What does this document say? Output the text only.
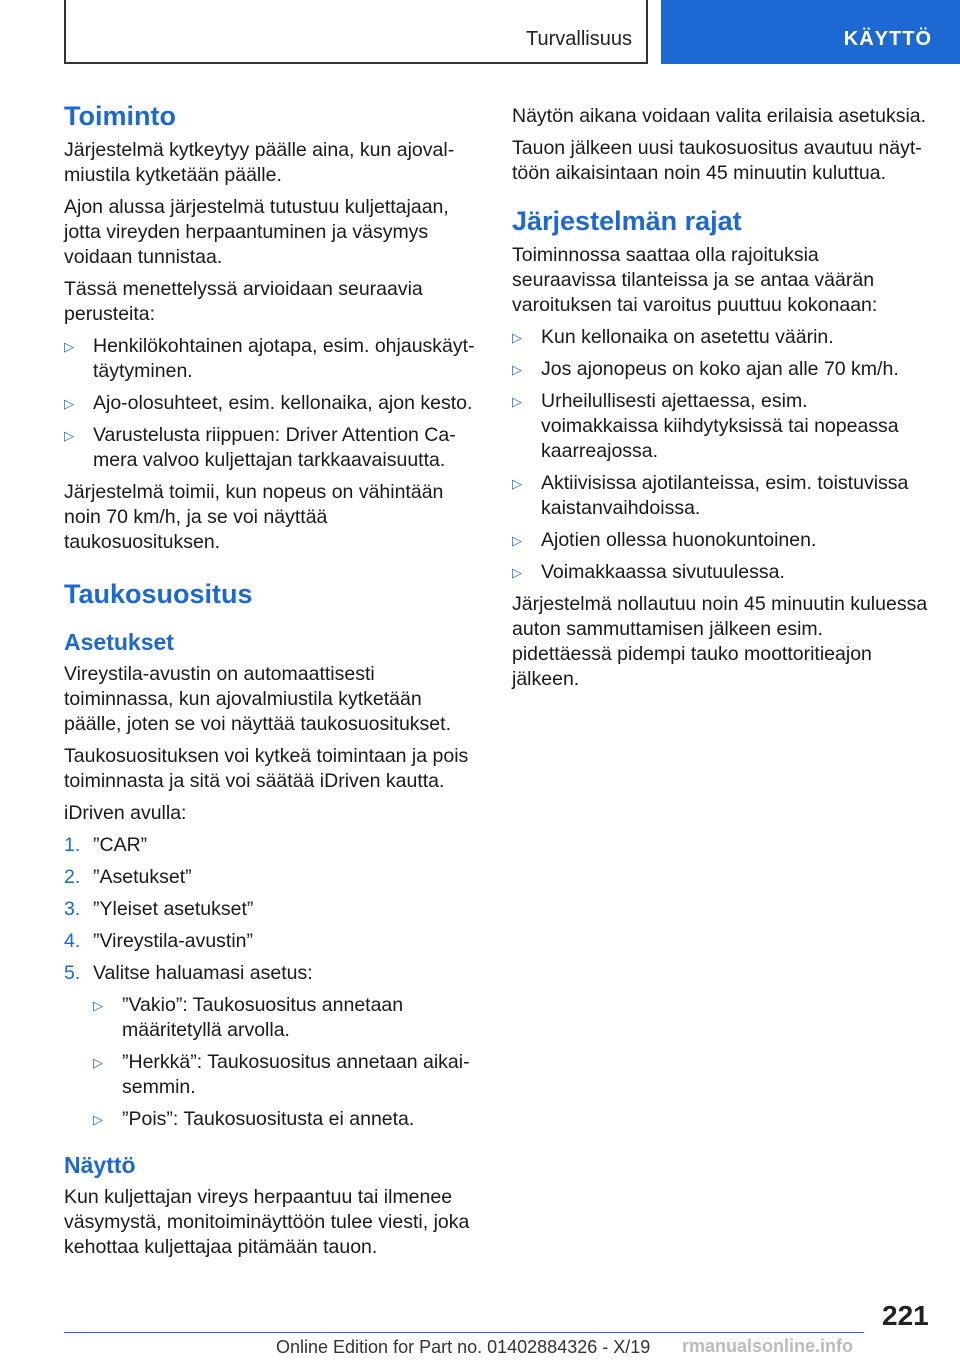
Turvallisuus	KÄYTTÖ
Toiminto

Järjestelmä kytkeytyy päälle aina, kun ajovalmiustila kytketään päälle.

Ajon alussa järjestelmä tutustuu kuljettajaan, jotta vireyden herpaantuminen ja väsymys voidaan tunnistaa.

Tässä menettelyssä arvioidaan seuraavia perusteita:

▷ Henkilökohtainen ajotapa, esim. ohjauskäyttäytyminen.
▷ Ajo-olosuhteet, esim. kellonaika, ajon kesto.
▷ Varustelusta riippuen: Driver Attention Camera valvoo kuljettajan tarkkaavaisuutta.

Järjestelmä toimii, kun nopeus on vähintään noin 70 km/h, ja se voi näyttää taukosuosituksen.

Taukosuositus
Asetukset

Vireystila-avustin on automaattisesti toiminnassa, kun ajovalmiustila kytketään päälle, joten se voi näyttää taukosuositukset.

Taukosuosituksen voi kytkeä toimintaan ja pois toiminnasta ja sitä voi säätää iDriven kautta.

iDriven avulla:

1. ”CAR”
2. ”Asetukset”
3. ”Yleiset asetukset”
4. ”Vireystila-avustin”
5. Valitse haluamasi asetus:
▷ ”Vakio”: Taukosuositus annetaan määritetyllä arvolla.
▷ ”Herkkä”: Taukosuositus annetaan aikaisemmin.
▷ ”Pois”: Taukosuositusta ei anneta.
Näyttö

Kun kuljettajan vireys herpaantuu tai ilmenee väsymystä, monitoiminäyttöön tulee viesti, joka kehottaa kuljettajaa pitämään tauon.

Näytön aikana voidaan valita erilaisia asetuksia.

Tauon jälkeen uusi taukosuositus avautuu näyttöön aikaisintaan noin 45 minuutin kuluttua.

Järjestelmän rajat

Toiminnossa saattaa olla rajoituksia seuraavissa tilanteissa ja se antaa väärän varoituksen tai varoitus puuttuu kokonaan:

▷ Kun kellonaika on asetettu väärin.
▷ Jos ajonopeus on koko ajan alle 70 km/h.
▷ Urheilullisesti ajettaessa, esim. voimakkaissa kiihdytyksissä tai nopeassa kaarreajossa.
▷ Aktiivisissa ajotilanteissa, esim. toistuvissa kaistanvaihdoissa.
▷ Ajotien ollessa huonokuntoinen.
▷ Voimakkaassa sivutuulessa.

Järjestelmä nollautuu noin 45 minuutin kuluessa auton sammuttamisen jälkeen esim. pidettäessä pidempi tauko moottoritieajon jälkeen.

221
Online Edition for Part no. 01402884326 - X/19 rmanualsonline.info
